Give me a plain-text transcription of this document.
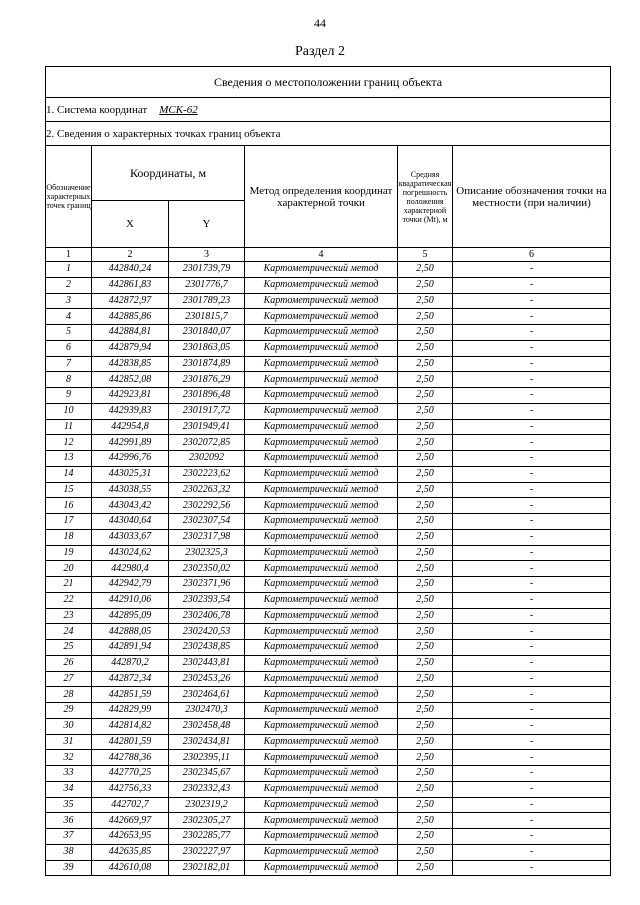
44
Раздел 2
Сведения о местоположении границ объекта					
1. Система координат МСК-62					
2. Сведения о характерных точках границ объекта					
Обозначение характерных точек границ	Координаты, м		Метод определения координат характерной точки	Средняя квадратическая погрешность положения характерной точки (Mt), м	Описание обозначения точки на местности (при наличии)
	X	Y			
1	2	3	4	5	6
1	442840,24	2301739,79	Картометрический метод	2,50	-
2	442861,83	2301776,7	Картометрический метод	2,50	-
3	442872,97	2301789,23	Картометрический метод	2,50	-
4	442885,86	2301815,7	Картометрический метод	2,50	-
5	442884,81	2301840,07	Картометрический метод	2,50	-
6	442879,94	2301863,05	Картометрический метод	2,50	-
7	442838,85	2301874,89	Картометрический метод	2,50	-
8	442852,08	2301876,29	Картометрический метод	2,50	-
9	442923,81	2301896,48	Картометрический метод	2,50	-
10	442939,83	2301917,72	Картометрический метод	2,50	-
11	442954,8	2301949,41	Картометрический метод	2,50	-
12	442991,89	2302072,85	Картометрический метод	2,50	-
13	442996,76	2302092	Картометрический метод	2,50	-
14	443025,31	2302223,62	Картометрический метод	2,50	-
15	443038,55	2302263,32	Картометрический метод	2,50	-
16	443043,42	2302292,56	Картометрический метод	2,50	-
17	443040,64	2302307,54	Картометрический метод	2,50	-
18	443033,67	2302317,98	Картометрический метод	2,50	-
19	443024,62	2302325,3	Картометрический метод	2,50	-
20	442980,4	2302350,02	Картометрический метод	2,50	-
21	442942,79	2302371,96	Картометрический метод	2,50	-
22	442910,06	2302393,54	Картометрический метод	2,50	-
23	442895,09	2302406,78	Картометрический метод	2,50	-
24	442888,05	2302420,53	Картометрический метод	2,50	-
25	442891,94	2302438,85	Картометрический метод	2,50	-
26	442870,2	2302443,81	Картометрический метод	2,50	-
27	442872,34	2302453,26	Картометрический метод	2,50	-
28	442851,59	2302464,61	Картометрический метод	2,50	-
29	442829,99	2302470,3	Картометрический метод	2,50	-
30	442814,82	2302458,48	Картометрический метод	2,50	-
31	442801,59	2302434,81	Картометрический метод	2,50	-
32	442788,36	2302395,11	Картометрический метод	2,50	-
33	442770,25	2302345,67	Картометрический метод	2,50	-
34	442756,33	2302332,43	Картометрический метод	2,50	-
35	442702,7	2302319,2	Картометрический метод	2,50	-
36	442669,97	2302305,27	Картометрический метод	2,50	-
37	442653,95	2302285,77	Картометрический метод	2,50	-
38	442635,85	2302227,97	Картометрический метод	2,50	-
39	442610,08	2302182,01	Картометрический метод	2,50	-
